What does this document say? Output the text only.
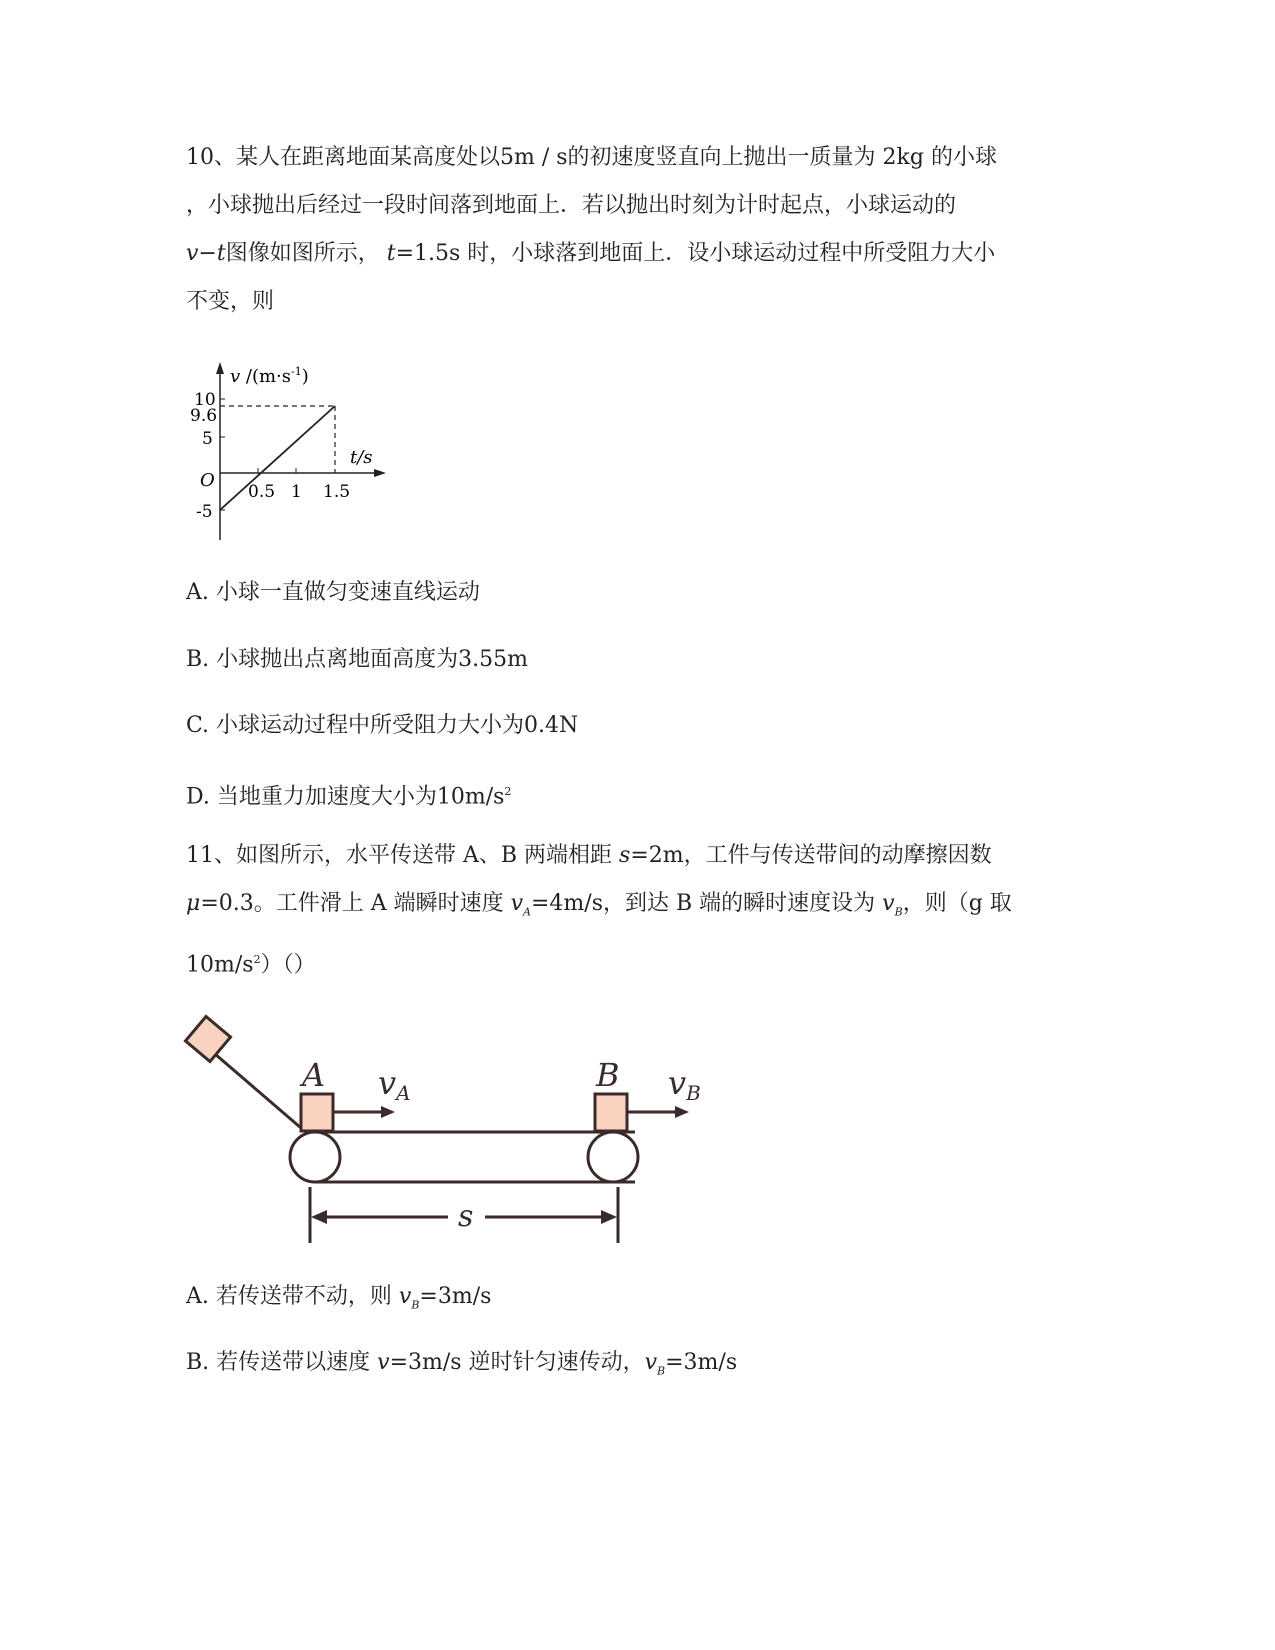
10、某人在距离地面某高度处以5m / s的初速度竖直向上抛出一质量为 2kg 的小球
，小球抛出后经过一段时间落到地面上．若以抛出时刻为计时起点，小球运动的
v−t图像如图所示， t=1.5s 时，小球落到地面上．设小球运动过程中所受阻力大小
不变，则
v $/(m\cdot s^{-1})$
t/s
O
10
9.6
5
-5
0.5 1 1.5
A. 小球一直做匀变速直线运动
B. 小球抛出点离地面高度为3.55m
C. 小球运动过程中所受阻力大小为0.4N
D. 当地重力加速度大小为$10m/s^2$
11、如图所示，水平传送带 A、B 两端相距 s=2m，工件与传送带间的动摩擦因数
μ=0.3。工件滑上 A 端瞬时速度 $v_A=4m/s$，到达 B 端的瞬时速度设为 $v_B$，则（g 取
$10m/s^2)()$
A	B
vA	vB
s
A. 若传送带不动，则 $v_B=3m/s$
B. 若传送带以速度 v=3m/s 逆时针匀速传动，$v_B=3m/s$
